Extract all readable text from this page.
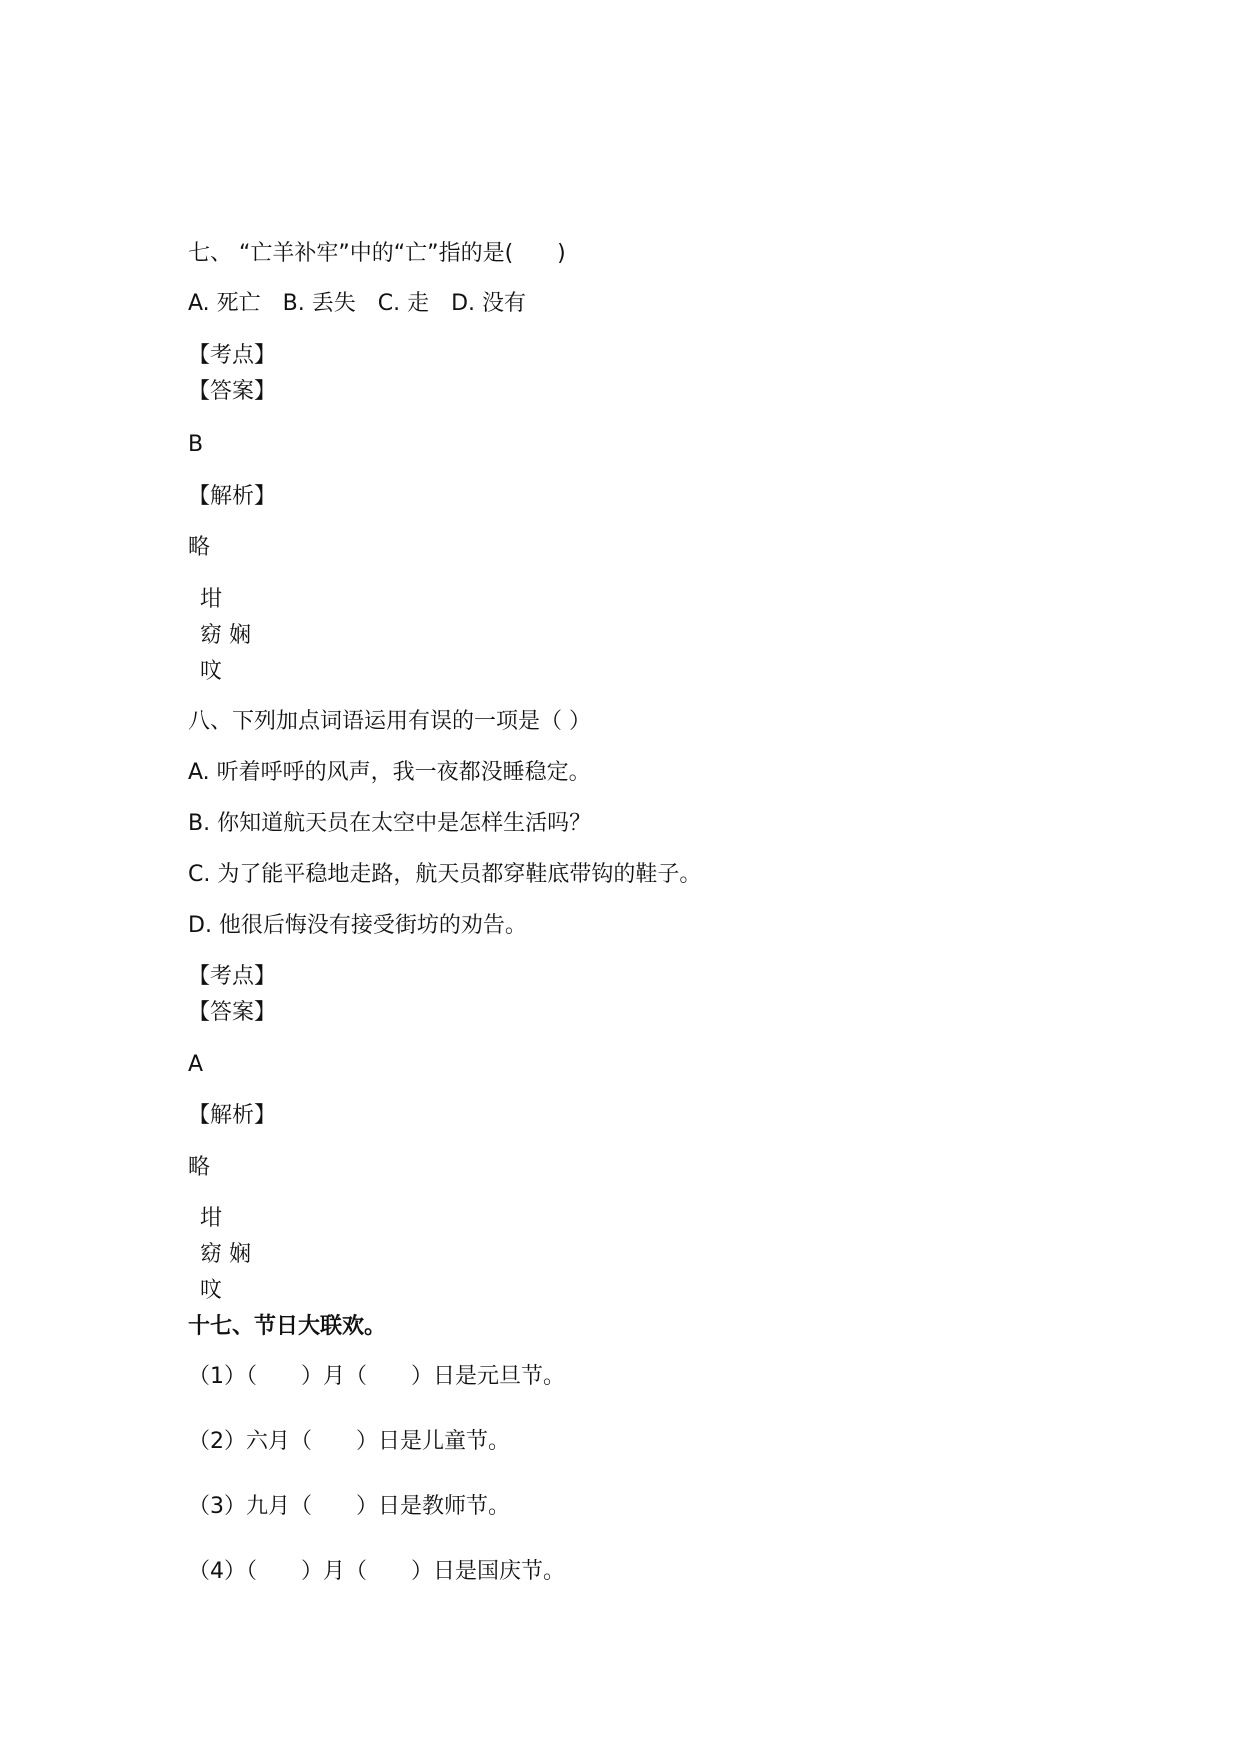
七、 “亡羊补牢”中的“亡”指的是(　　)
A. 死亡　B. 丢失　C. 走　D. 没有
【考点】
【答案】
B
【解析】
略
坩
窈 娴
呅
八、下列加点词语运用有误的一项是（ ）
A. 听着呼呼的风声，我一夜都没睡稳定。
B. 你知道航天员在太空中是怎样生活吗？
C. 为了能平稳地走路，航天员都穿鞋底带钩的鞋子。
D. 他很后悔没有接受街坊的劝告。
【考点】
【答案】
A
【解析】
略
坩
窈 娴
呅
十七、节日大联欢。
（1）（　　）月（　　）日是元旦节。
（2）六月（　　）日是儿童节。
（3）九月（　　）日是教师节。
（4）（　　）月（　　）日是国庆节。
